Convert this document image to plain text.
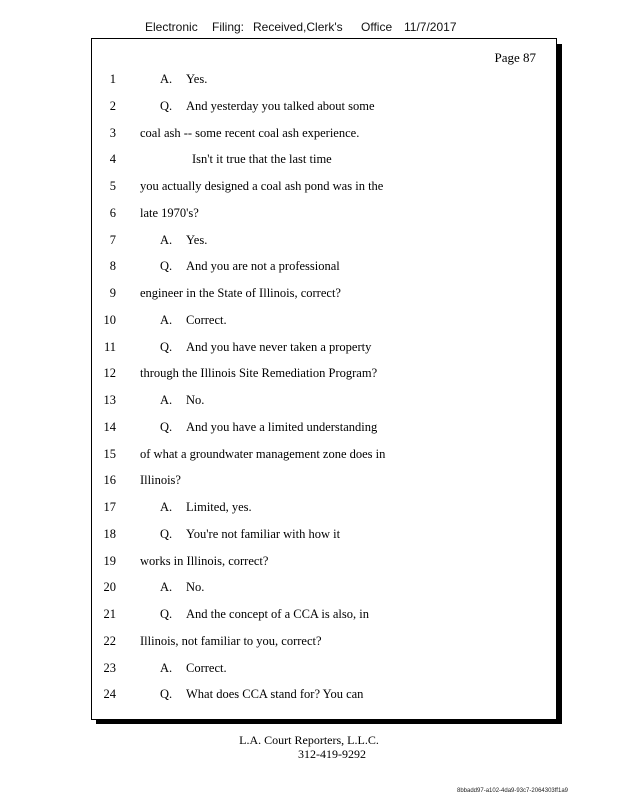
Electronic Filing: Received,Clerk's Office 11/7/2017
Page 87
1	A. Yes.
2	Q. And yesterday you talked about some
3 coal ash -- some recent coal ash experience.
4	Isn't it true that the last time
5 you actually designed a coal ash pond was in the
6 late 1970's?
7	A. Yes.
8	Q. And you are not a professional
9 engineer in the State of Illinois, correct?
10	A. Correct.
11	Q. And you have never taken a property
12 through the Illinois Site Remediation Program?
13	A. No.
14	Q. And you have a limited understanding
15 of what a groundwater management zone does in
16 Illinois?
17	A. Limited, yes.
18	Q. You're not familiar with how it
19 works in Illinois, correct?
20	A. No.
21	Q. And the concept of a CCA is also, in
22 Illinois, not familiar to you, correct?
23	A. Correct.
24	Q. What does CCA stand for? You can
L.A. Court Reporters, L.L.C.
312-419-9292
8bbadd97-a102-4da9-93c7-2064303ff1a9
